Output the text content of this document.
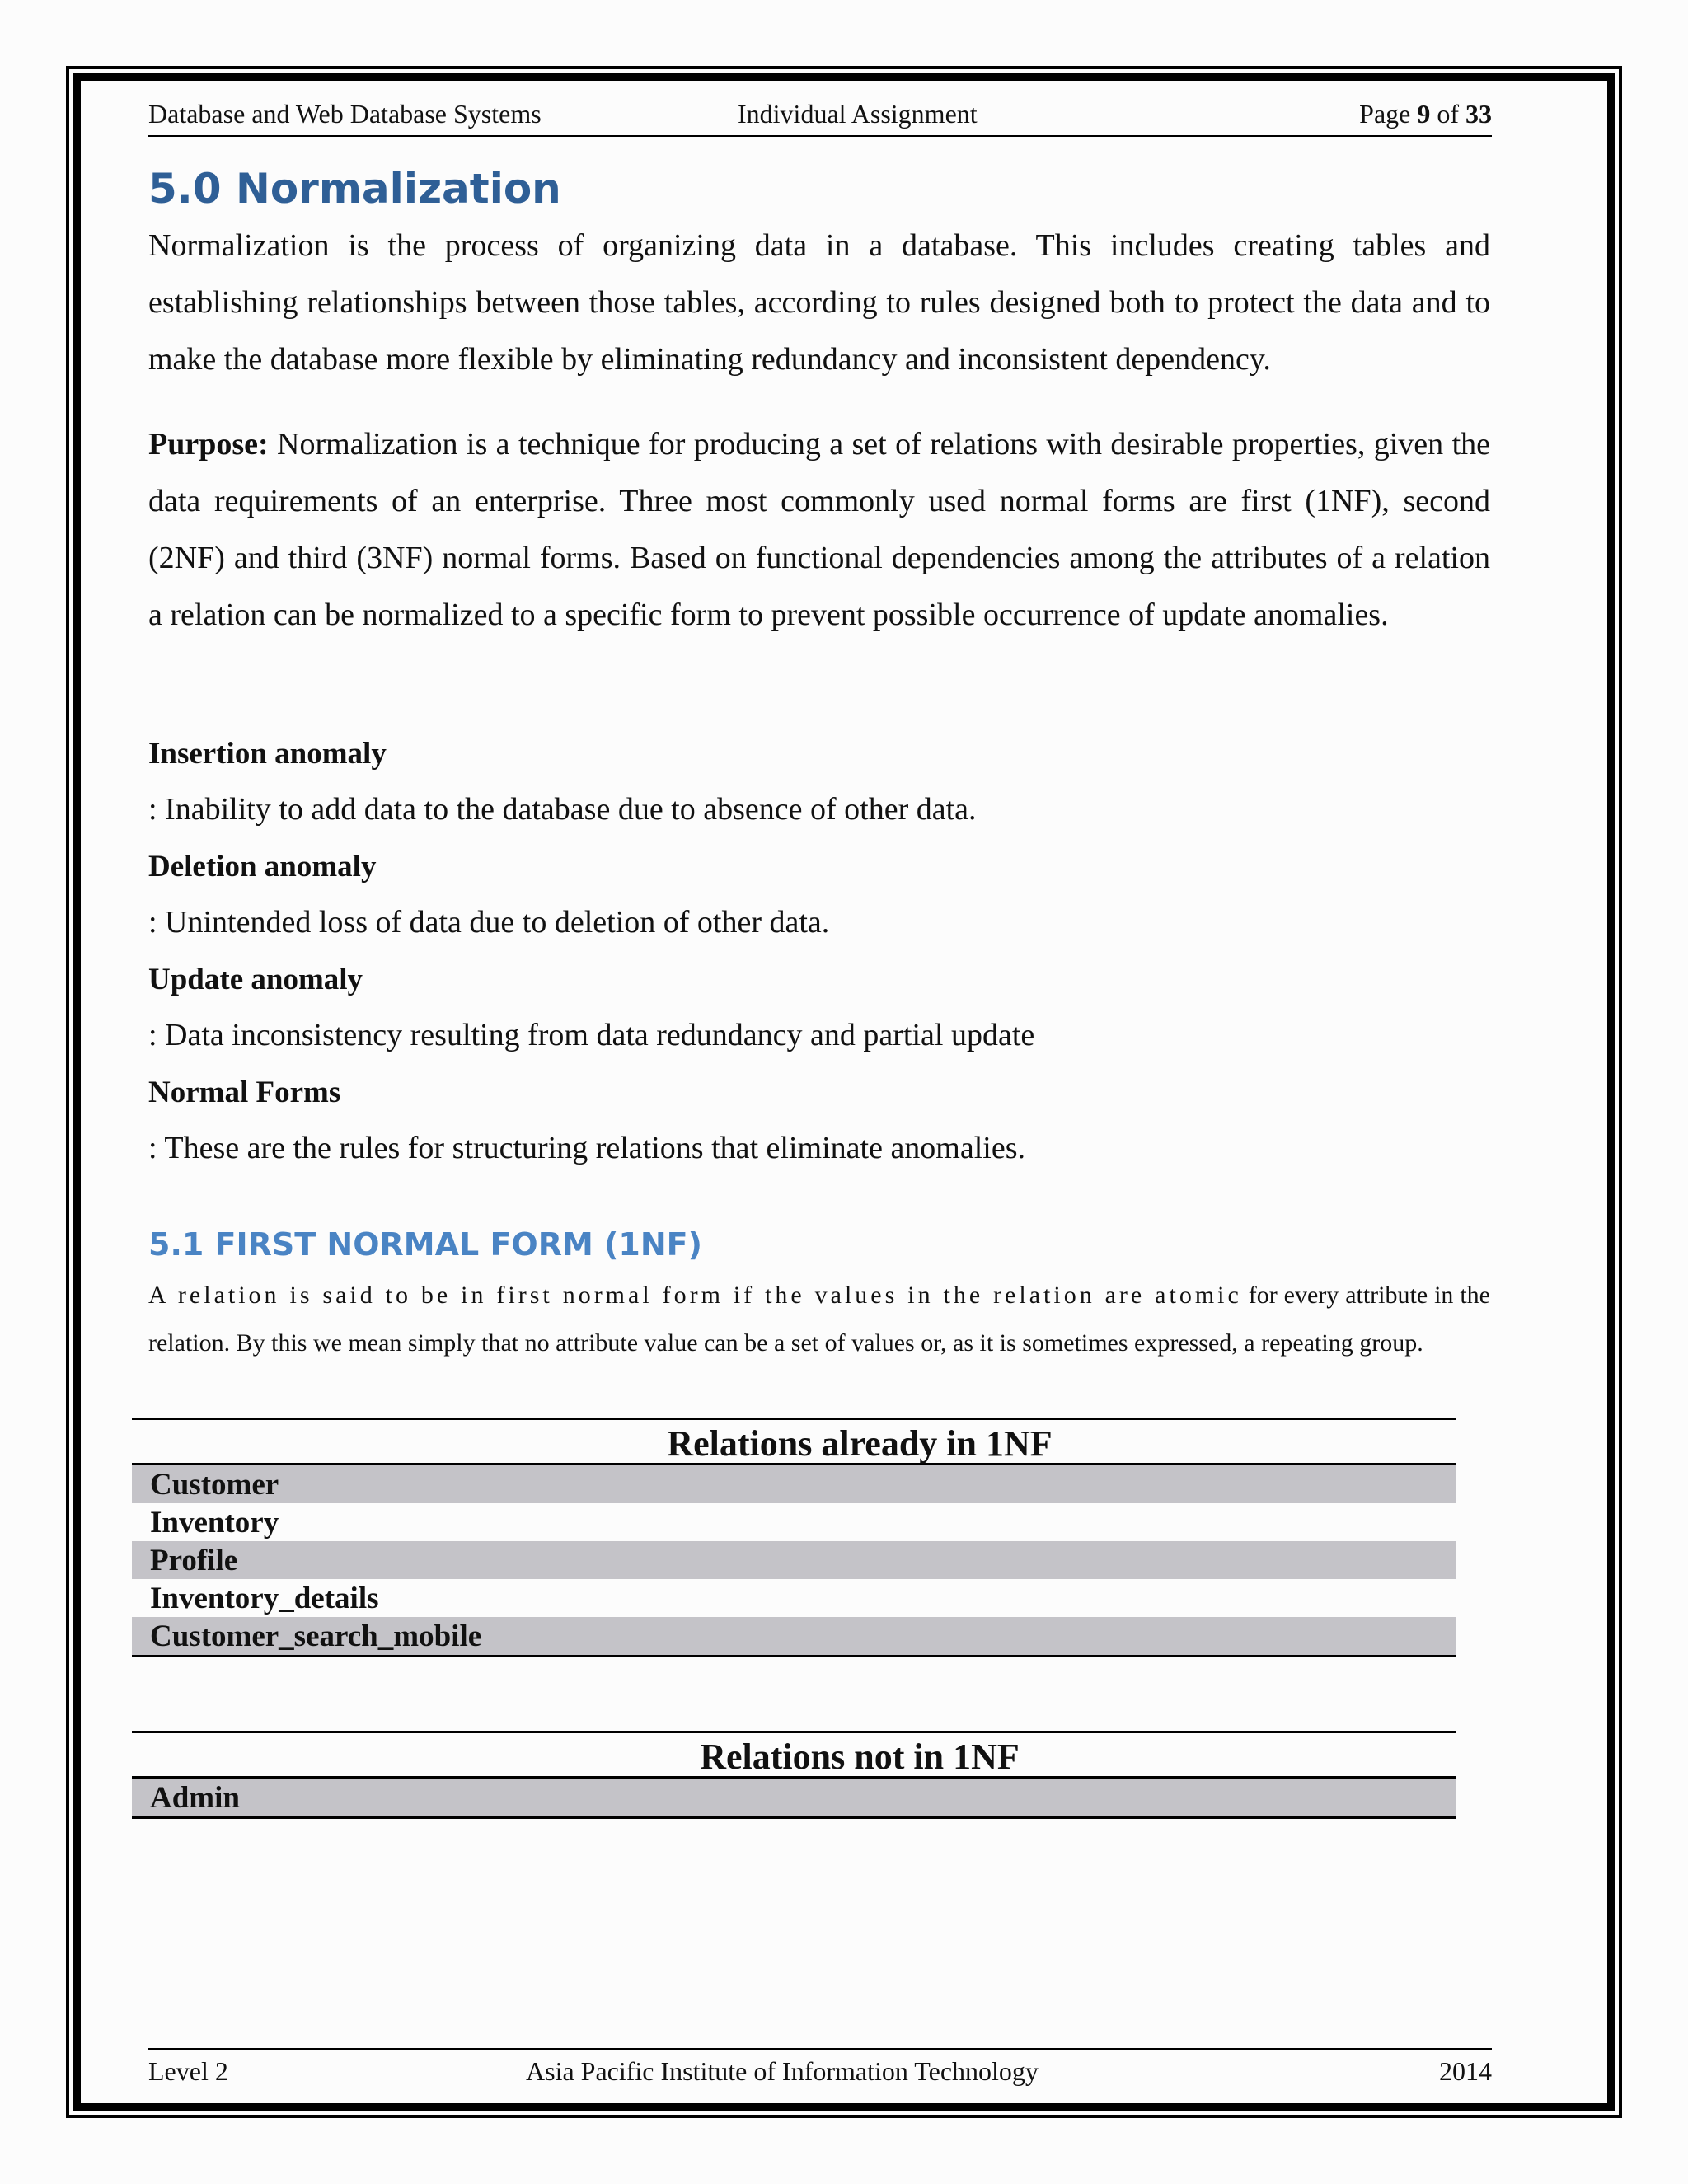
Database and Web Database Systems	Individual Assignment	Page 9 of 33
5.0 Normalization

Normalization is the process of organizing data in a database. This includes creating tables and establishing relationships between those tables, according to rules designed both to protect the data and to make the database more flexible by eliminating redundancy and inconsistent dependency.

Purpose: Normalization is a technique for producing a set of relations with desirable properties, given the data requirements of an enterprise. Three most commonly used normal forms are first (1NF), second (2NF) and third (3NF) normal forms. Based on functional dependencies among the attributes of a relation a relation can be normalized to a specific form to prevent possible occurrence of update anomalies.

Insertion anomaly
: Inability to add data to the database due to absence of other data.
Deletion anomaly
: Unintended loss of data due to deletion of other data.
Update anomaly
: Data inconsistency resulting from data redundancy and partial update
Normal Forms
: These are the rules for structuring relations that eliminate anomalies.
5.1 FIRST NORMAL FORM (1NF)

A relation is said to be in first normal form if the values in the relation are atomic for every attribute in the relation. By this we mean simply that no attribute value can be a set of values or, as it is sometimes expressed, a repeating group.

Relations already in 1NF
Customer
Inventory
Profile
Inventory_details
Customer_search_mobile
Relations not in 1NF
Admin
Level 2	Asia Pacific Institute of Information Technology	2014
